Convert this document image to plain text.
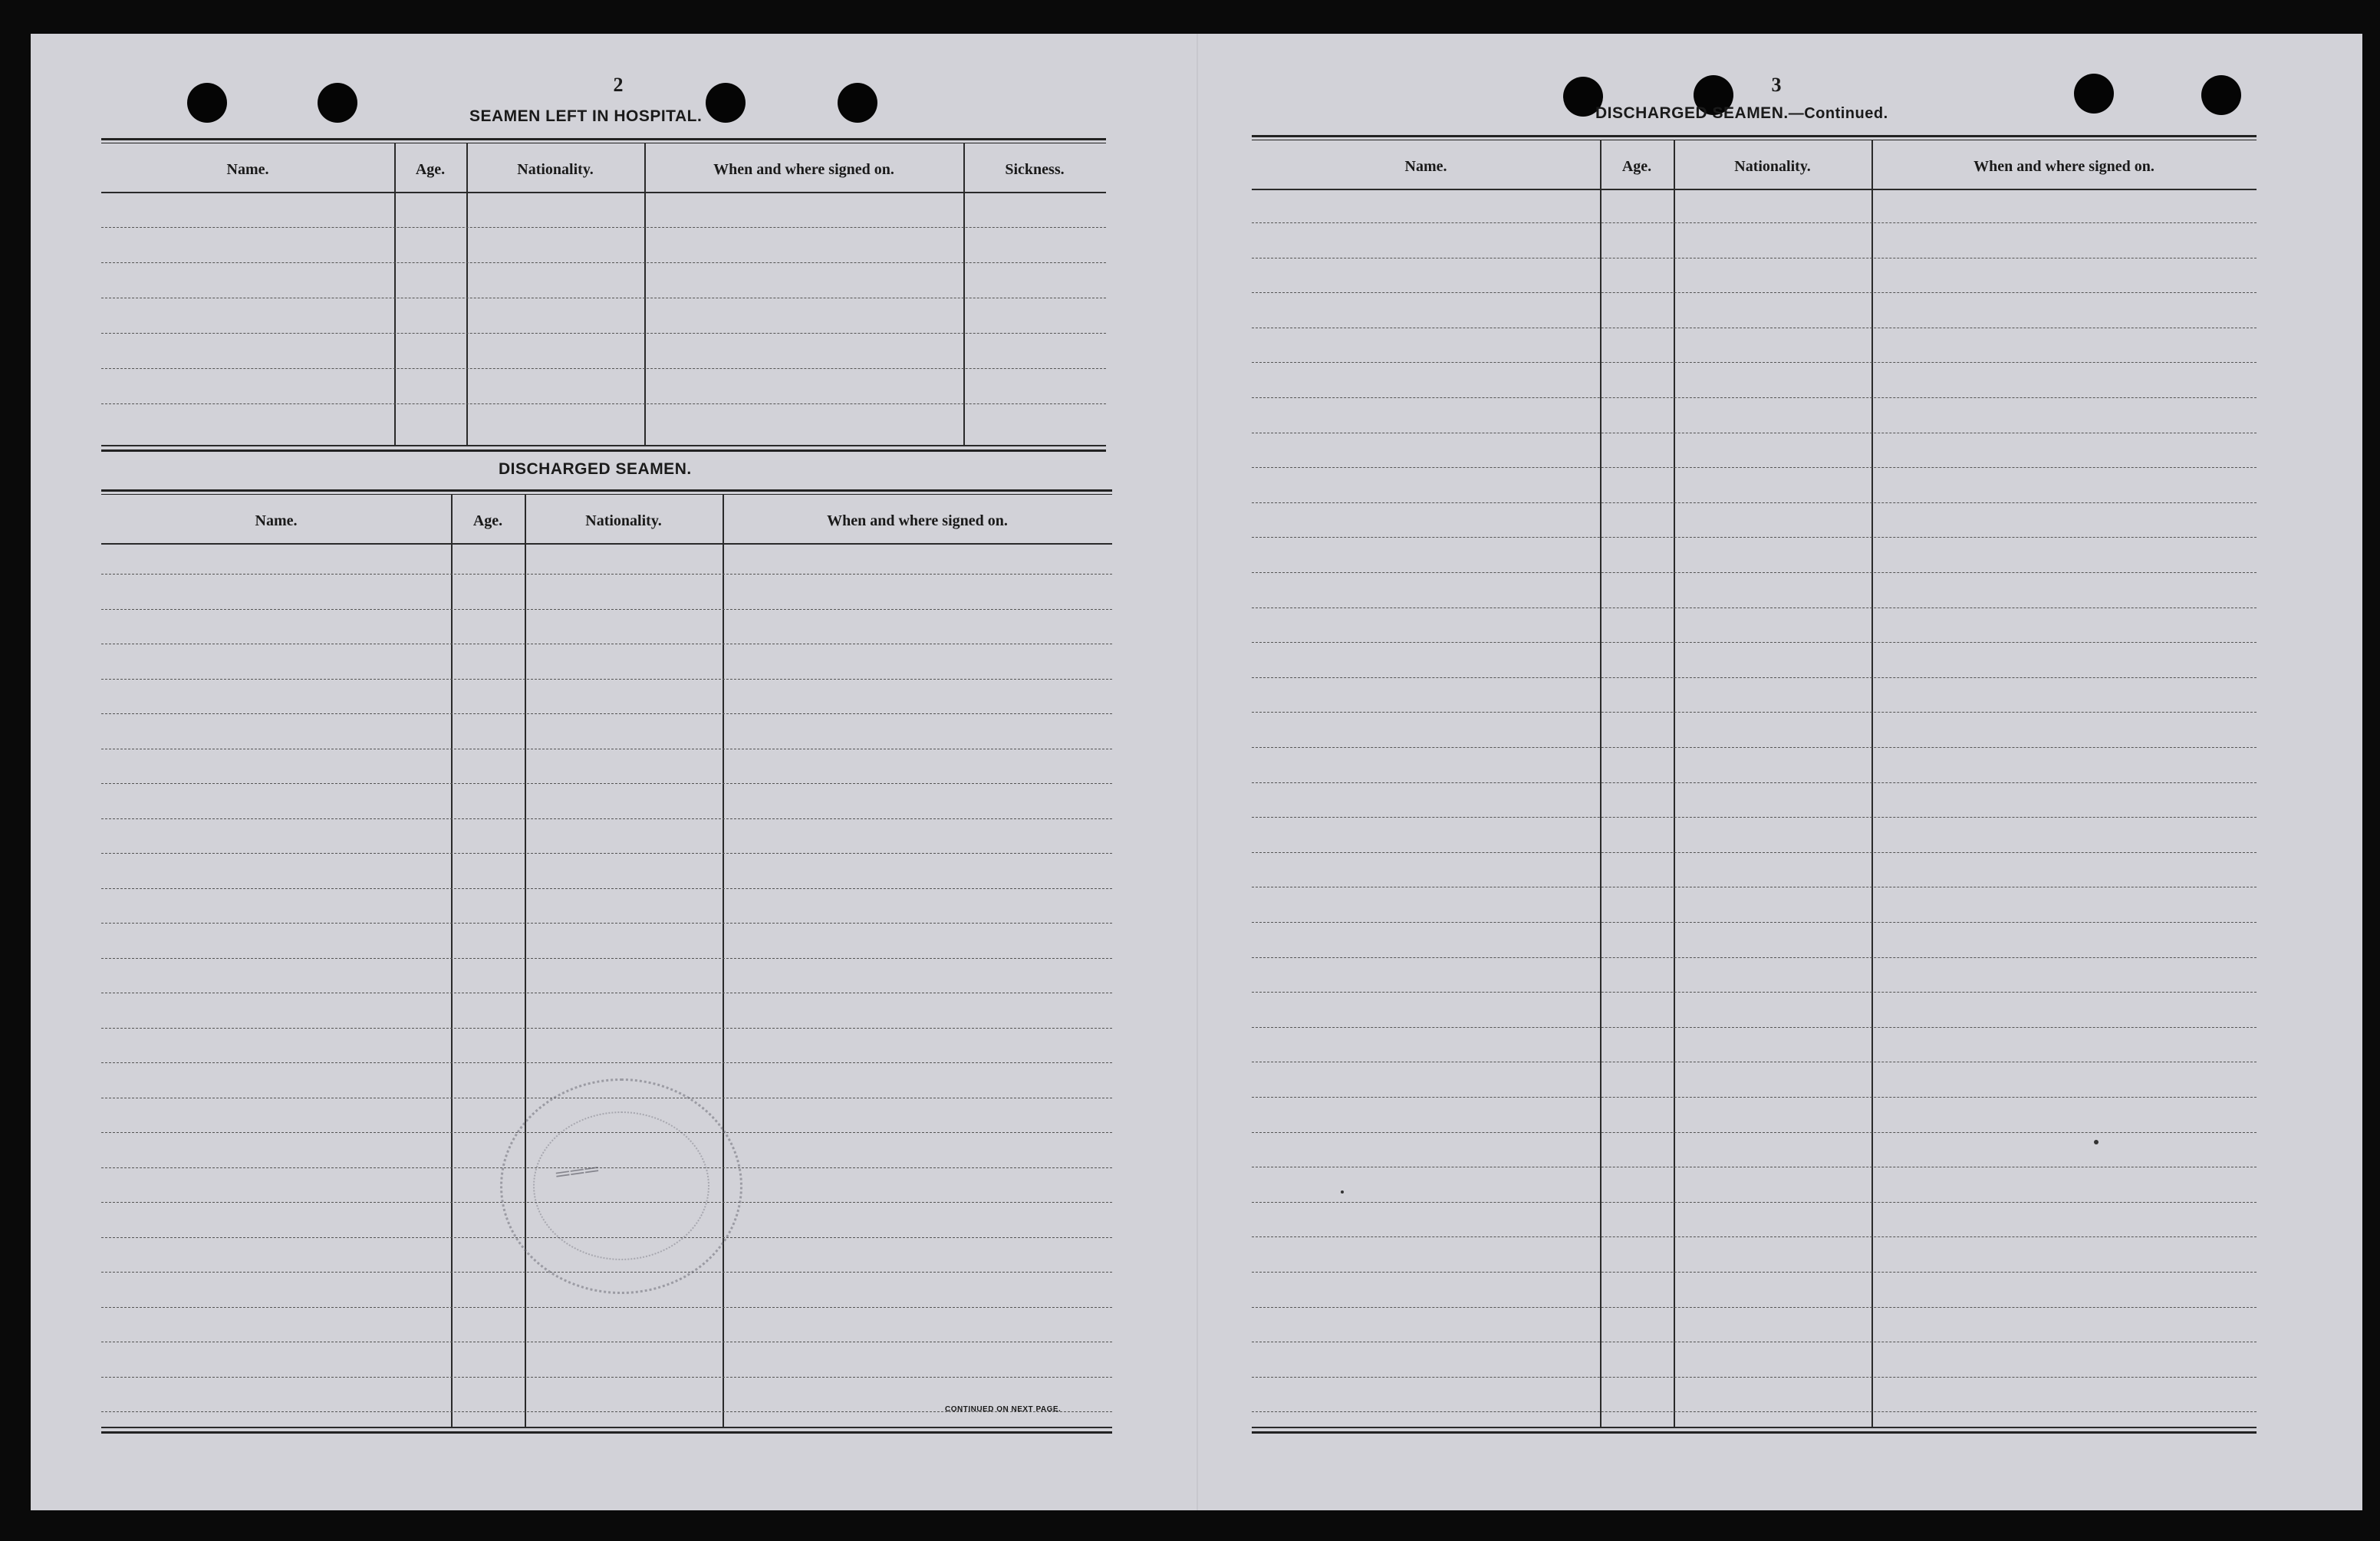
2
SEAMEN LEFT IN HOSPITAL.
Name.	Age.	Nationality.	When and where signed on.	Sickness.
DISCHARGED SEAMEN.
Name.	Age.	Nationality.	When and where signed on.
CONTINUED ON NEXT PAGE.
═══
3
DISCHARGED SEAMEN.—Continued.
Name.	Age.	Nationality.	When and where signed on.
